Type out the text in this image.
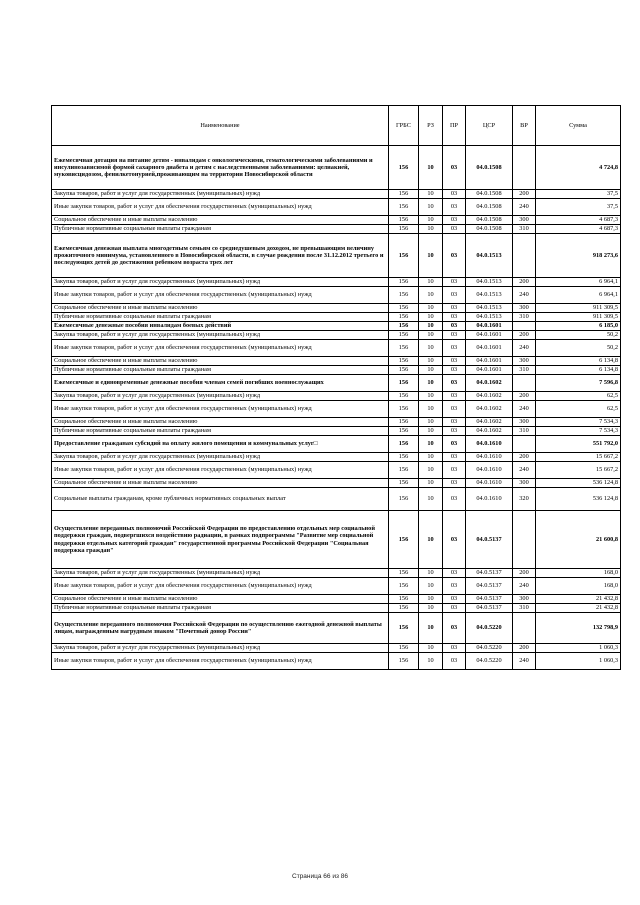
Наименование	ГРБС	РЗ	ПР	ЦСР	ВР	Сумма
Ежемесячная дотация на питание детям - инвалидам с онкологическими, гематологическими заболеваниями и инсулинозависимой формой сахарного диабета и детям с наследственными заболеваниями: целиакией, муковисцидозом, фенилкетонурией,проживающим на территории Новосибирской области	156	10	03	04.0.1508		4 724,8
Закупка товаров, работ и услуг для государственных (муниципальных) нужд	156	10	03	04.0.1508	200	37,5
Иные закупки товаров, работ и услуг для обеспечения государственных (муниципальных) нужд	156	10	03	04.0.1508	240	37,5
Социальное обеспечение и иные выплаты населению	156	10	03	04.0.1508	300	4 687,3
Публичные нормативные социальные выплаты гражданам	156	10	03	04.0.1508	310	4 687,3
Ежемесячная денежная выплата многодетным семьям со среднедушевым доходом, не превышающим величину прожиточного минимума, установленного в Новосибирской области, в случае рождения после 31.12.2012 третьего и последующих детей до достижения ребенком возраста трех лет	156	10	03	04.0.1513		918 273,6
Закупка товаров, работ и услуг для государственных (муниципальных) нужд	156	10	03	04.0.1513	200	6 964,1
Иные закупки товаров, работ и услуг для обеспечения государственных (муниципальных) нужд	156	10	03	04.0.1513	240	6 964,1
Социальное обеспечение и иные выплаты населению	156	10	03	04.0.1513	300	911 309,5
Публичные нормативные социальные выплаты гражданам	156	10	03	04.0.1513	310	911 309,5
Ежемесячные денежные пособия инвалидам боевых действий	156	10	03	04.0.1601		6 185,0
Закупка товаров, работ и услуг для государственных (муниципальных) нужд	156	10	03	04.0.1601	200	50,2
Иные закупки товаров, работ и услуг для обеспечения государственных (муниципальных) нужд	156	10	03	04.0.1601	240	50,2
Социальное обеспечение и иные выплаты населению	156	10	03	04.0.1601	300	6 134,8
Публичные нормативные социальные выплаты гражданам	156	10	03	04.0.1601	310	6 134,8
Ежемесячные и единовременные денежные пособия членам семей погибших военнослужащих	156	10	03	04.0.1602		7 596,8
Закупка товаров, работ и услуг для государственных (муниципальных) нужд	156	10	03	04.0.1602	200	62,5
Иные закупки товаров, работ и услуг для обеспечения государственных (муниципальных) нужд	156	10	03	04.0.1602	240	62,5
Социальное обеспечение и иные выплаты населению	156	10	03	04.0.1602	300	7 534,3
Публичные нормативные социальные выплаты гражданам	156	10	03	04.0.1602	310	7 534,3
Предоставление гражданам субсидий на оплату жилого помещения и коммунальных услуг□	156	10	03	04.0.1610		551 792,0
Закупка товаров, работ и услуг для государственных (муниципальных) нужд	156	10	03	04.0.1610	200	15 667,2
Иные закупки товаров, работ и услуг для обеспечения государственных (муниципальных) нужд	156	10	03	04.0.1610	240	15 667,2
Социальное обеспечение и иные выплаты населению	156	10	03	04.0.1610	300	536 124,8
Социальные выплаты гражданам, кроме публичных нормативных социальных выплат	156	10	03	04.0.1610	320	536 124,8
Осуществление переданных полномочий Российской Федерации по предоставлению отдельных мер социальной поддержки граждан, подвергшихся воздействию радиации, в рамках подпрограммы "Развитие мер социальной поддержки отдельных категорий граждан" государственной программы Российской Федерации "Социальная поддержка граждан"	156	10	03	04.0.5137		21 600,8
Закупка товаров, работ и услуг для государственных (муниципальных) нужд	156	10	03	04.0.5137	200	168,0
Иные закупки товаров, работ и услуг для обеспечения государственных (муниципальных) нужд	156	10	03	04.0.5137	240	168,0
Социальное обеспечение и иные выплаты населению	156	10	03	04.0.5137	300	21 432,8
Публичные нормативные социальные выплаты гражданам	156	10	03	04.0.5137	310	21 432,8
Осуществление переданного полномочия Российской Федерации по осуществлению ежегодной денежной выплаты лицам, награжденным нагрудным знаком "Почетный донор России"	156	10	03	04.0.5220		132 798,9
Закупка товаров, работ и услуг для государственных (муниципальных) нужд	156	10	03	04.0.5220	200	1 060,3
Иные закупки товаров, работ и услуг для обеспечения государственных (муниципальных) нужд	156	10	03	04.0.5220	240	1 060,3
Страница 66 из 86
